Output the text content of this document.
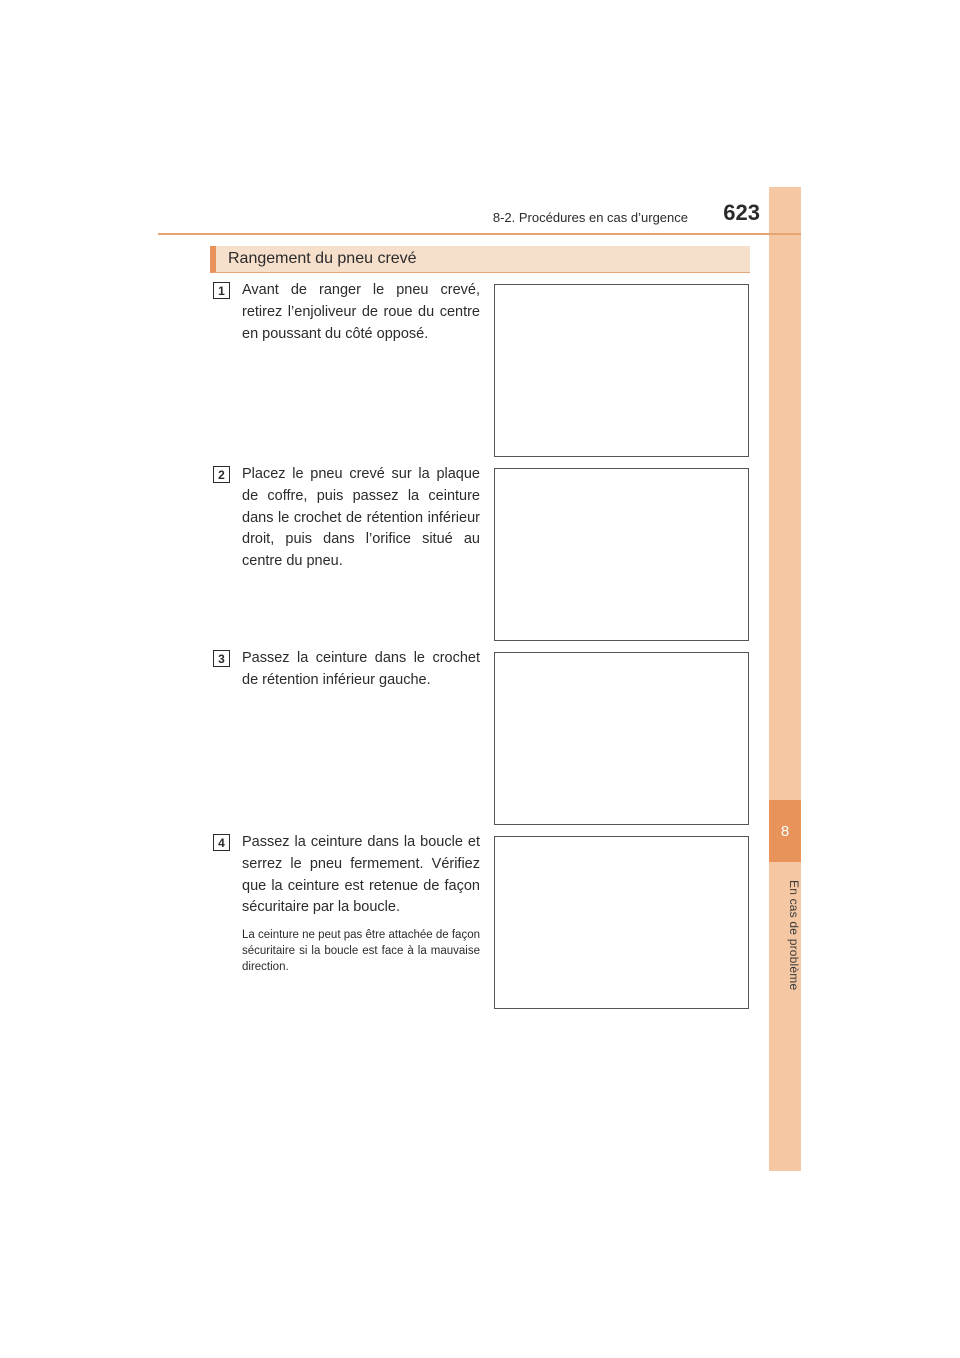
8
En cas de problème
8-2. Procédures en cas d’urgence	623
Rangement du pneu crevé
1	Avant de ranger le pneu crevé, retirez l’enjoliveur de roue du centre en poussant du côté opposé.
2	Placez le pneu crevé sur la plaque de coffre, puis passez la ceinture dans le crochet de rétention inférieur droit, puis dans l’orifice situé au centre du pneu.
3	Passez la ceinture dans le crochet de rétention inférieur gauche.
4	Passez la ceinture dans la boucle et serrez le pneu fermement. Vérifiez que la ceinture est retenue de façon sécuritaire par la boucle.
La ceinture ne peut pas être attachée de façon sécuritaire si la boucle est face à la mauvaise direction.
